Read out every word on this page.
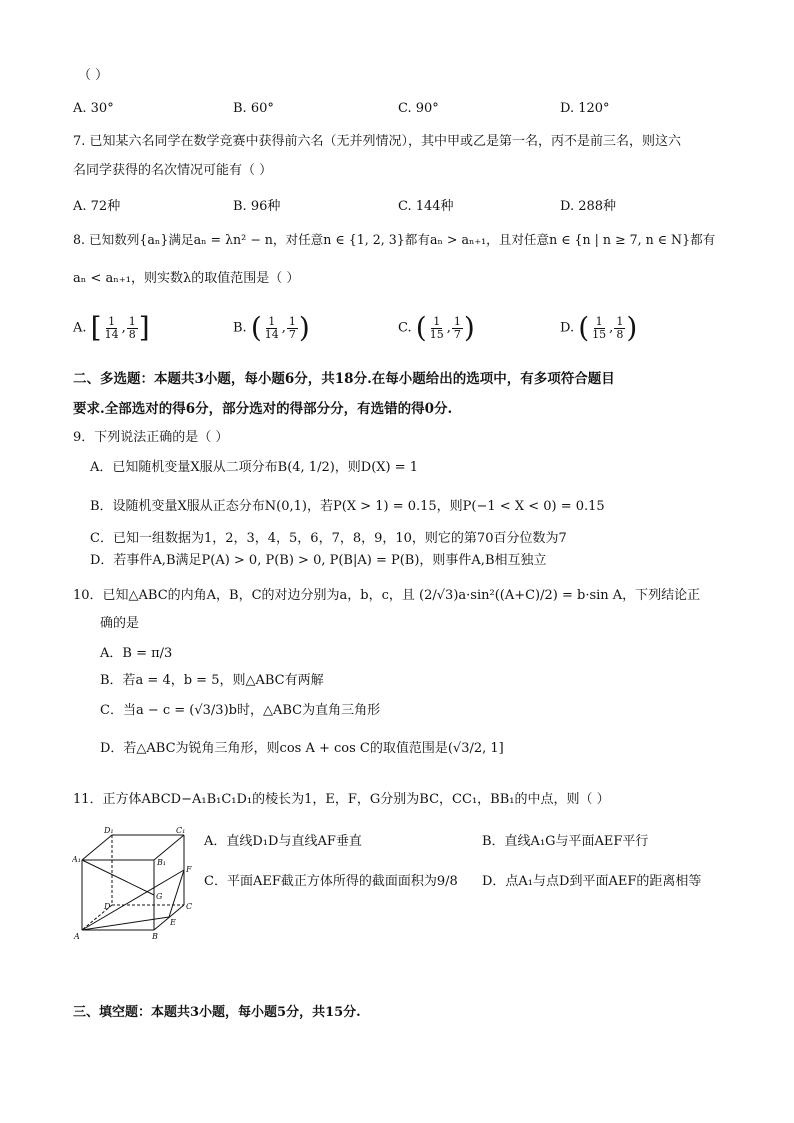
（ ）
A. 30°	B. 60°	C. 90°	D. 120°
7. 已知某六名同学在数学竞赛中获得前六名（无并列情况），其中甲或乙是第一名，丙不是前三名，则这六
名同学获得的名次情况可能有（ ）
A. 72种	B. 96种	C. 144种	D. 288种
8. 已知数列{aₙ}满足aₙ = λn² − n，对任意n ∈ {1, 2, 3}都有aₙ > aₙ₊₁，且对任意n ∈ {n | n ≥ 7, n ∈ N}都有
aₙ < aₙ₊₁，则实数λ的取值范围是（ ）
A. [ $\frac{1}{14}$ , $\frac{1}{8}$ ]	B. ( $\frac{1}{14}$ , $\frac{1}{7}$ )	C. ( $\frac{1}{15}$ , $\frac{1}{7}$ )	D. ( $\frac{1}{15}$ , $\frac{1}{8}$ )
二、多选题：本题共3小题，每小题6分，共18分.在每小题给出的选项中，有多项符合题目
要求.全部选对的得6分，部分选对的得部分分，有选错的得0分.
9．下列说法正确的是（ ）
A．已知随机变量X服从二项分布B(4, 1/2)，则D(X) = 1
B．设随机变量X服从正态分布N(0,1)，若P(X > 1) = 0.15，则P(−1 < X < 0) = 0.15
C．已知一组数据为1，2，3，4，5，6，7，8，9，10，则它的第70百分位数为7
D．若事件A,B满足P(A) > 0, P(B) > 0, P(B|A) = P(B)，则事件A,B相互独立
10．已知△ABC的内角A，B，C的对边分别为a，b，c，且 (2/√3)a·sin²((A+C)/2) = b·sin A，下列结论正
确的是
A．B = π/3
B．若a = 4，b = 5，则△ABC有两解
C．当a − c = (√3/3)b时，△ABC为直角三角形
D．若△ABC为锐角三角形，则cos A + cos C的取值范围是(√3/2, 1]
11．正方体ABCD−A₁B₁C₁D₁的棱长为1，E，F，G分别为BC，CC₁，BB₁的中点，则（ ）
D₁	C₁
A₁	B₁
F
G
D	C
A	B
E
A．直线D₁D与直线AF垂直	B．直线A₁G与平面AEF平行
C．平面AEF截正方体所得的截面面积为9/8 D．点A₁与点D到平面AEF的距离相等
三、填空题：本题共3小题，每小题5分，共15分.
